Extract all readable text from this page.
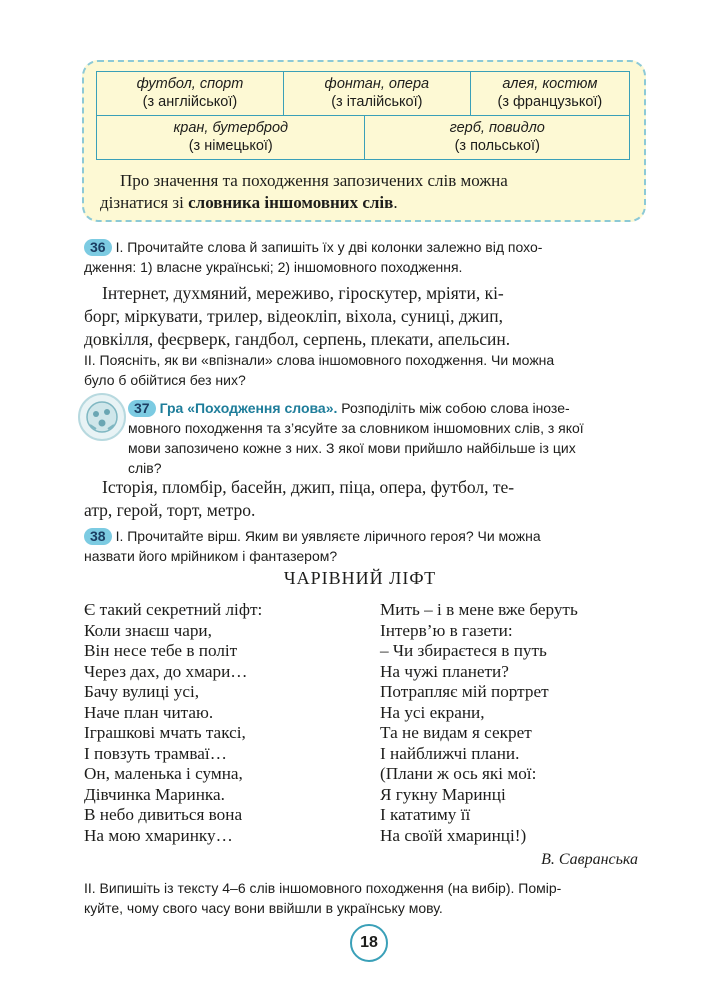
футбол, спорт
(з англійської)
фонтан, опера
(з італійської)
алея, костюм
(з французької)
кран, бутерброд
(з німецької)
герб, повидло
(з польської)
Про значення та походження запозичених слів можна
дізнатися зі словника іншомовних слів.
36 І. Прочитайте слова й запишіть їх у дві колонки залежно від похо-
дження: 1) власне українські; 2) іншомовного походження.
Інтернет, духмяний, мереживо, гіроскутер, мріяти, кі-
борг, міркувати, трилер, відеокліп, віхола, суниці, джип,
довкілля, феєрверк, гандбол, серпень, плекати, апельсин.
ІІ. Поясніть, як ви «впізнали» слова іншомовного походження. Чи можна
було б обійтися без них?
37 Гра «Походження слова». Розподіліть між собою слова інозе-
мовного походження та з’ясуйте за словником іншомовних слів, з якої
мови запозичено кожне з них. З якої мови прийшло найбільше із цих
слів?
Історія, пломбір, басейн, джип, піца, опера, футбол, те-
атр, герой, торт, метро.
38 І. Прочитайте вірш. Яким ви уявляєте ліричного героя? Чи можна
назвати його мрійником і фантазером?
ЧАРІВНИЙ ЛІФТ
Є такий секретний ліфт:
Коли знаєш чари,
Він несе тебе в політ
Через дах, до хмари…
Бачу вулиці усі,
Наче план читаю.
Іграшкові мчать таксі,
І повзуть трамваї…
Он, маленька і сумна,
Дівчинка Маринка.
В небо дивиться вона
На мою хмаринку…
Мить – і в мене вже беруть
Інтерв’ю в газети:
– Чи збираєтеся в путь
На чужі планети?
Потрапляє мій портрет
На усі екрани,
Та не видам я секрет
І найближчі плани.
(Плани ж ось які мої:
Я гукну Маринці
І кататиму її
На своїй хмаринці!)
В. Савранська
ІІ. Випишіть із тексту 4–6 слів іншомовного походження (на вибір). Помір-
куйте, чому свого часу вони ввійшли в українську мову.
18
